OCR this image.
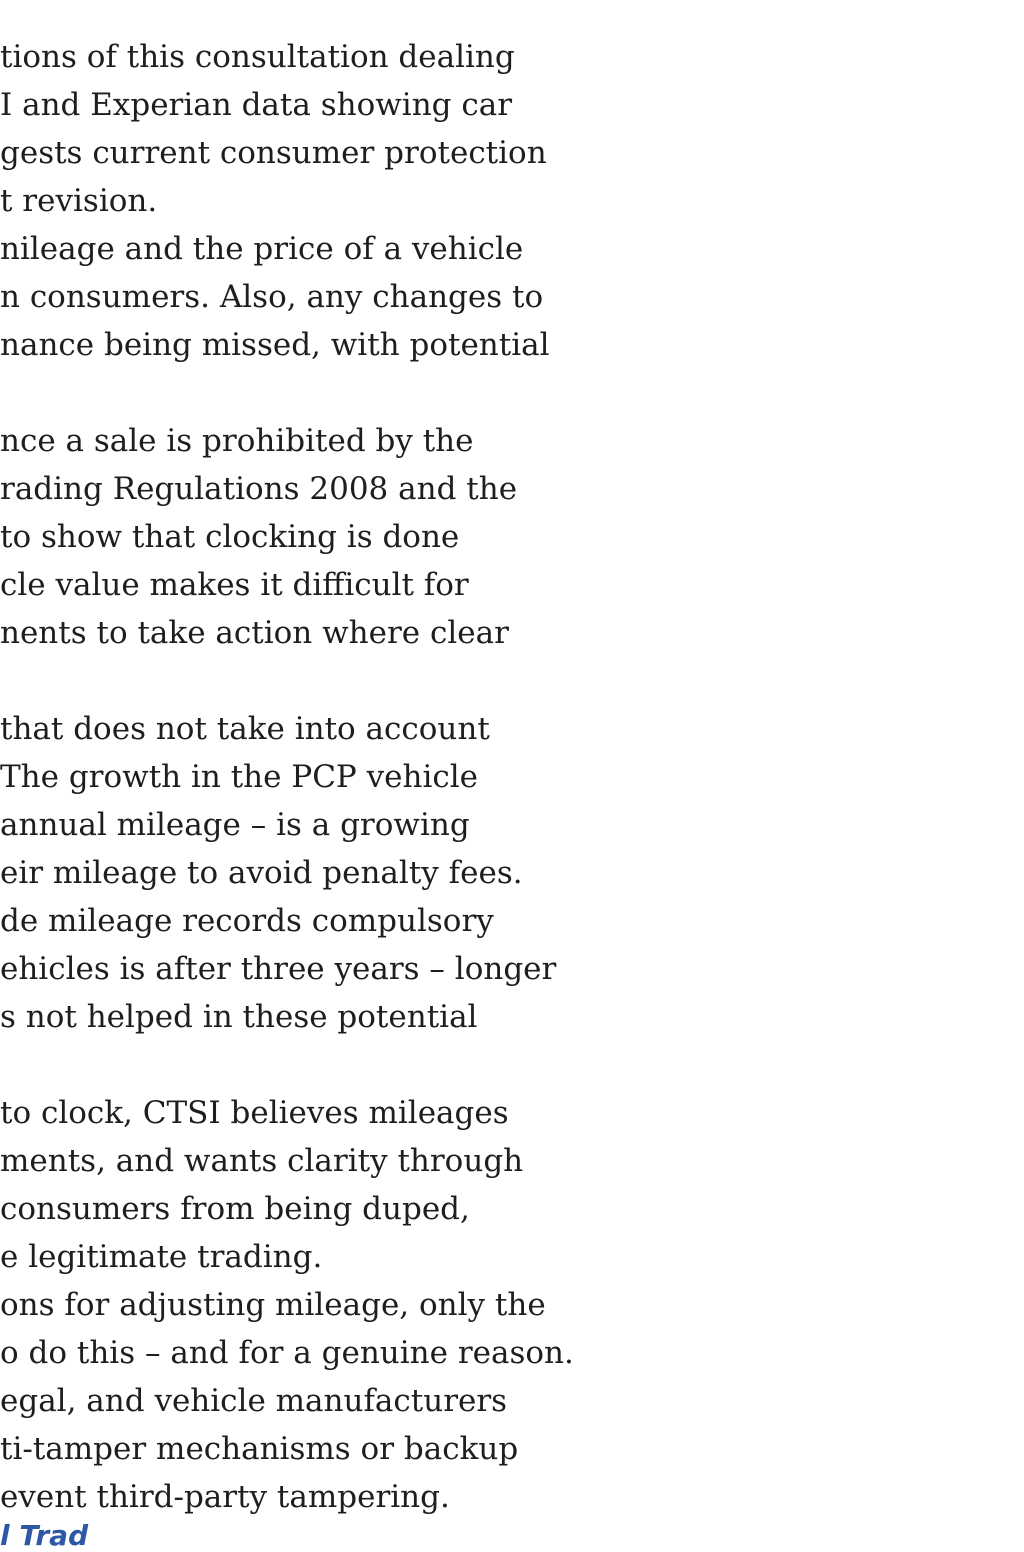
tions of this consultation dealing

I and Experian data showing car

gests current consumer protection

t revision.

nileage and the price of a vehicle

n consumers. Also, any changes to

nance being missed, with potential

nce a sale is prohibited by the

rading Regulations 2008 and the

to show that clocking is done

cle value makes it difficult for

nents to take action where clear

that does not take into account

The growth in the PCP vehicle

annual mileage – is a growing

eir mileage to avoid penalty fees.

de mileage records compulsory

ehicles is after three years – longer

s not helped in these potential

to clock, CTSI believes mileages

ments, and wants clarity through

consumers from being duped,

e legitimate trading.

ons for adjusting mileage, only the

o do this – and for a genuine reason.

egal, and vehicle manufacturers

ti-tamper mechanisms or backup

event third-party tampering.

l Trad
